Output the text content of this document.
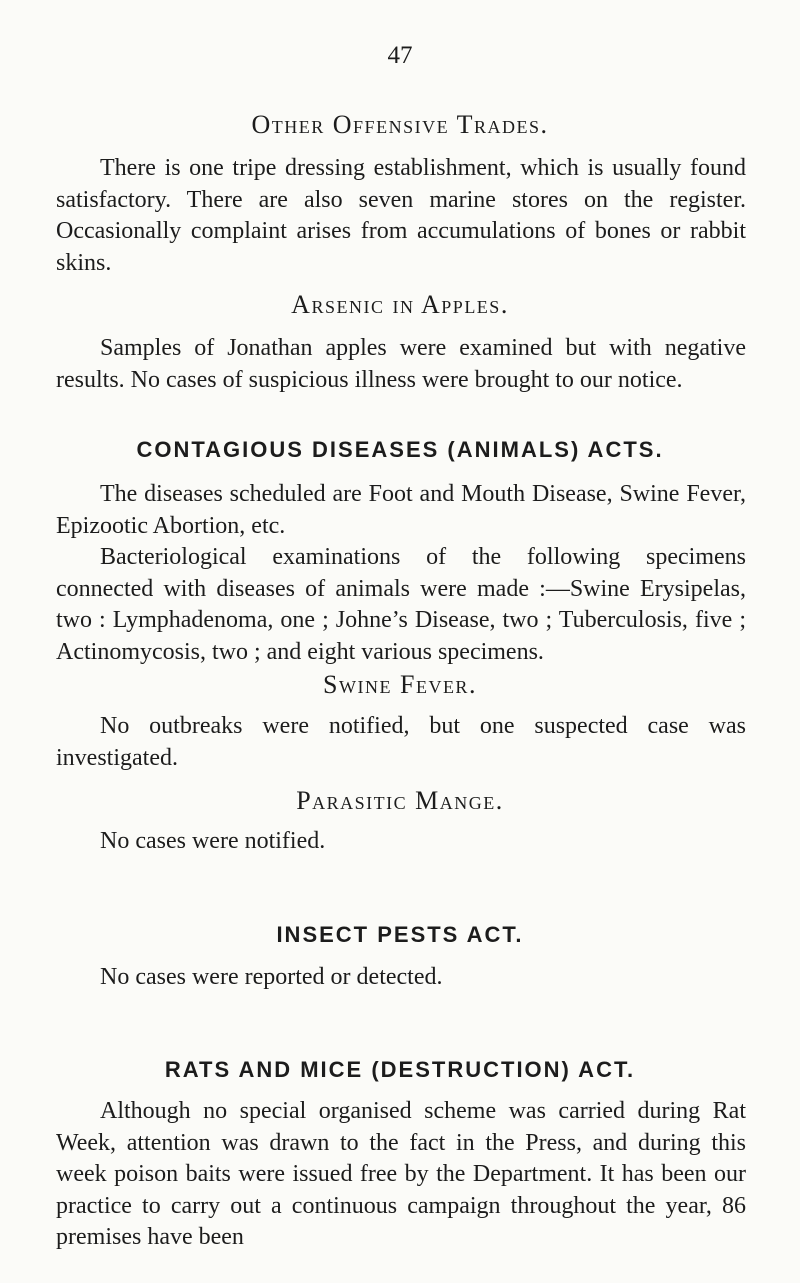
47
Other Offensive Trades.

There is one tripe dressing establishment, which is usually found satisfactory. There are also seven marine stores on the register. Occasionally complaint arises from accumulations of bones or rabbit skins.

Arsenic in Apples.

Samples of Jonathan apples were examined but with negative results. No cases of suspicious illness were brought to our notice.

CONTAGIOUS DISEASES (ANIMALS) ACTS.

The diseases scheduled are Foot and Mouth Disease, Swine Fever, Epizootic Abortion, etc.

Bacteriological examinations of the following specimens connected with diseases of animals were made :—Swine Erysipelas, two : Lymphadenoma, one ; Johne’s Disease, two ; Tuberculosis, five ; Actinomycosis, two ; and eight various specimens.

Swine Fever.

No outbreaks were notified, but one suspected case was investigated.

Parasitic Mange.

No cases were notified.

INSECT PESTS ACT.

No cases were reported or detected.

RATS AND MICE (DESTRUCTION) ACT.

Although no special organised scheme was carried during Rat Week, attention was drawn to the fact in the Press, and during this week poison baits were issued free by the Department. It has been our practice to carry out a continuous campaign throughout the year, 86 premises have been
